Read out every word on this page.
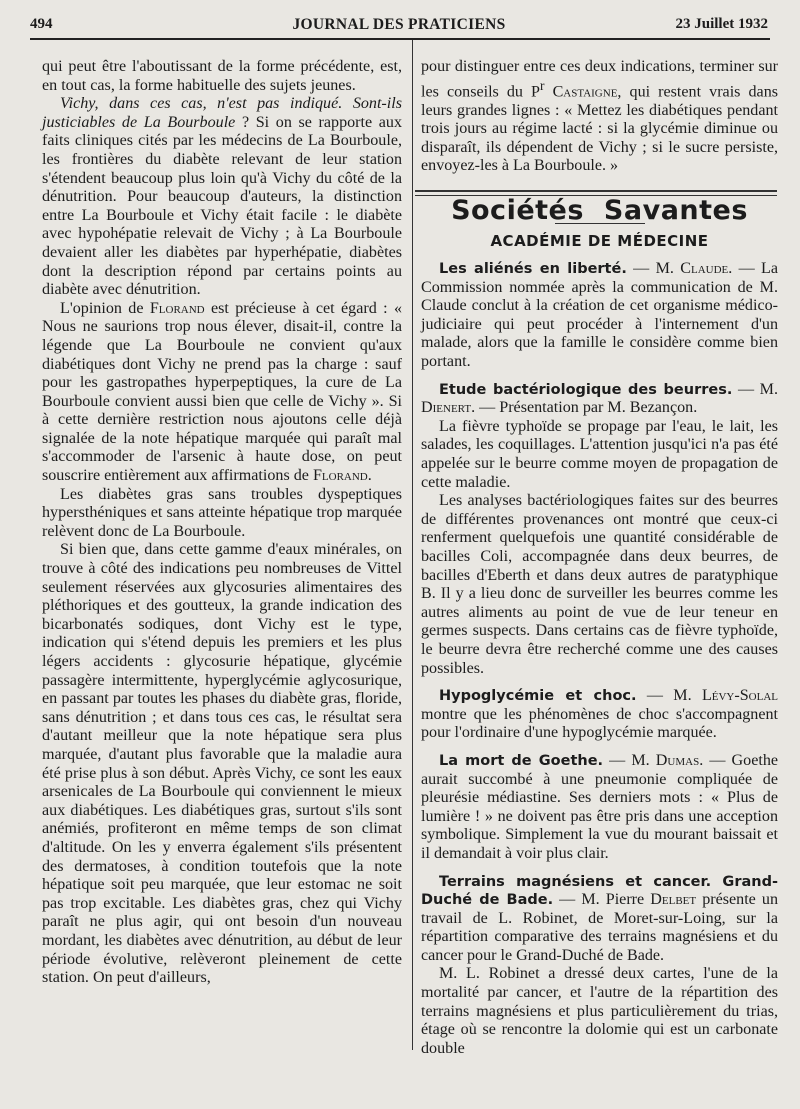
494	JOURNAL DES PRATICIENS	23 Juillet 1932

qui peut être l'aboutissant de la forme précédente, est, en tout cas, la forme habituelle des sujets jeunes.

Vichy, dans ces cas, n'est pas indiqué. Sont-ils justiciables de La Bourboule ? Si on se rapporte aux faits cliniques cités par les médecins de La Bourboule, les frontières du diabète relevant de leur station s'étendent beaucoup plus loin qu'à Vichy du côté de la dénutrition. Pour beaucoup d'auteurs, la distinction entre La Bourboule et Vichy était facile : le diabète avec hypohépatie relevait de Vichy ; à La Bourboule devaient aller les diabètes par hyperhépatie, diabètes dont la description répond par certains points au diabète avec dénutrition.

L'opinion de Florand est précieuse à cet égard : « Nous ne saurions trop nous élever, disait-il, contre la légende que La Bourboule ne convient qu'aux diabétiques dont Vichy ne prend pas la charge : sauf pour les gastropathes hyperpeptiques, la cure de La Bourboule convient aussi bien que celle de Vichy ». Si à cette dernière restriction nous ajoutons celle déjà signalée de la note hépatique marquée qui paraît mal s'accommoder de l'arsenic à haute dose, on peut souscrire entièrement aux affirmations de Florand.

Les diabètes gras sans troubles dyspeptiques hypersthéniques et sans atteinte hépatique trop marquée relèvent donc de La Bourboule.

Si bien que, dans cette gamme d'eaux minérales, on trouve à côté des indications peu nombreuses de Vittel seulement réservées aux glycosuries alimentaires des pléthoriques et des goutteux, la grande indication des bicarbonatés sodiques, dont Vichy est le type, indication qui s'étend depuis les premiers et les plus légers accidents : glycosurie hépatique, glycémie passagère intermittente, hyperglycémie aglycosurique, en passant par toutes les phases du diabète gras, floride, sans dénutrition ; et dans tous ces cas, le résultat sera d'autant meilleur que la note hépatique sera plus marquée, d'autant plus favorable que la maladie aura été prise plus à son début. Après Vichy, ce sont les eaux arsenicales de La Bourboule qui conviennent le mieux aux diabétiques. Les diabétiques gras, surtout s'ils sont anémiés, profiteront en même temps de son climat d'altitude. On les y enverra également s'ils présentent des dermatoses, à condition toutefois que la note hépatique soit peu marquée, que leur estomac ne soit pas trop excitable. Les diabètes gras, chez qui Vichy paraît ne plus agir, qui ont besoin d'un nouveau mordant, les diabètes avec dénutrition, au début de leur période évolutive, relèveront pleinement de cette station. On peut d'ailleurs,

pour distinguer entre ces deux indications, terminer sur les conseils du $P^r$ Castaigne, qui restent vrais dans leurs grandes lignes : « Mettez les diabétiques pendant trois jours au régime lacté : si la glycémie diminue ou disparaît, ils dépendent de Vichy ; si le sucre persiste, envoyez-les à La Bourboule. »

Sociétés Savantes
ACADÉMIE DE MÉDECINE

Les aliénés en liberté. — M. Claude. — La Commission nommée après la communication de M. Claude conclut à la création de cet organisme médico-judiciaire qui peut procéder à l'internement d'un malade, alors que la famille le considère comme bien portant.

Etude bactériologique des beurres. — M. Dienert. — Présentation par M. Bezançon.

La fièvre typhoïde se propage par l'eau, le lait, les salades, les coquillages. L'attention jusqu'ici n'a pas été appelée sur le beurre comme moyen de propagation de cette maladie.

Les analyses bactériologiques faites sur des beurres de différentes provenances ont montré que ceux-ci renferment quelquefois une quantité considérable de bacilles Coli, accompagnée dans deux beurres, de bacilles d'Eberth et dans deux autres de paratyphique B. Il y a lieu donc de surveiller les beurres comme les autres aliments au point de vue de leur teneur en germes suspects. Dans certains cas de fièvre typhoïde, le beurre devra être recherché comme une des causes possibles.

Hypoglycémie et choc. — M. Lévy-Solal montre que les phénomènes de choc s'accompagnent pour l'ordinaire d'une hypoglycémie marquée.

La mort de Goethe. — M. Dumas. — Goethe aurait succombé à une pneumonie compliquée de pleurésie médiastine. Ses derniers mots : « Plus de lumière ! » ne doivent pas être pris dans une acception symbolique. Simplement la vue du mourant baissait et il demandait à voir plus clair.

Terrains magnésiens et cancer. Grand-Duché de Bade. — M. Pierre Delbet présente un travail de L. Robinet, de Moret-sur-Loing, sur la répartition comparative des terrains magnésiens et du cancer pour le Grand-Duché de Bade.

M. L. Robinet a dressé deux cartes, l'une de la mortalité par cancer, et l'autre de la répartition des terrains magnésiens et plus particulièrement du trias, étage où se rencontre la dolomie qui est un carbonate double
